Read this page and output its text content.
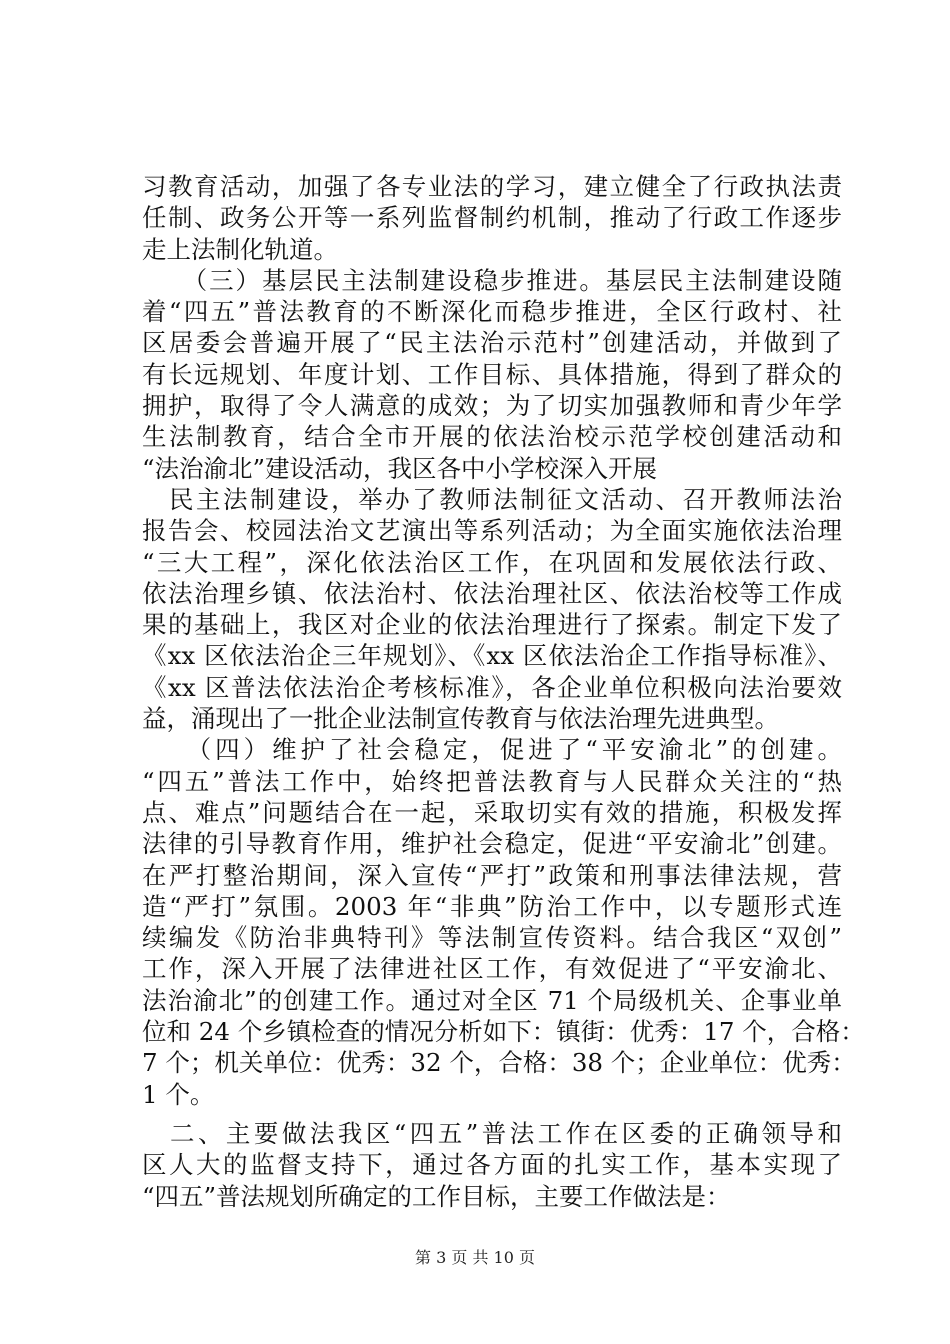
习教育活动，加强了各专业法的学习，建立健全了行政执法责
任制、政务公开等一系列监督制约机制，推动了行政工作逐步
走上法制化轨道。
　　（三）基层民主法制建设稳步推进。基层民主法制建设随
着“四五”普法教育的不断深化而稳步推进，全区行政村、社
区居委会普遍开展了“民主法治示范村”创建活动，并做到了
有长远规划、年度计划、工作目标、具体措施，得到了群众的
拥护，取得了令人满意的成效；为了切实加强教师和青少年学
生法制教育，结合全市开展的依法治校示范学校创建活动和
“法治渝北”建设活动，我区各中小学校深入开展
　民主法制建设，举办了教师法制征文活动、召开教师法治
报告会、校园法治文艺演出等系列活动；为全面实施依法治理
“三大工程”，深化依法治区工作，在巩固和发展依法行政、
依法治理乡镇、依法治村、依法治理社区、依法治校等工作成
果的基础上，我区对企业的依法治理进行了探索。制定下发了
《xx 区依法治企三年规划》、《xx 区依法治企工作指导标准》、
《xx 区普法依法治企考核标准》，各企业单位积极向法治要效
益，涌现出了一批企业法制宣传教育与依法治理先进典型。
　　（四）维护了社会稳定，促进了“平安渝北”的创建。
“四五”普法工作中，始终把普法教育与人民群众关注的“热
点、难点”问题结合在一起，采取切实有效的措施，积极发挥
法律的引导教育作用，维护社会稳定，促进“平安渝北”创建。
在严打整治期间，深入宣传“严打”政策和刑事法律法规，营
造“严打”氛围。2003 年“非典”防治工作中，以专题形式连
续编发《防治非典特刊》等法制宣传资料。结合我区“双创”
工作，深入开展了法律进社区工作，有效促进了“平安渝北、
法治渝北”的创建工作。通过对全区 71 个局级机关、企事业单
位和 24 个乡镇检查的情况分析如下：镇街：优秀：17 个，合格：
7 个；机关单位：优秀：32 个，合格：38 个；企业单位：优秀：
1 个。
　二、主要做法我区“四五”普法工作在区委的正确领导和
区人大的监督支持下，通过各方面的扎实工作，基本实现了
“四五”普法规划所确定的工作目标，主要工作做法是：
第 3 页 共 10 页
